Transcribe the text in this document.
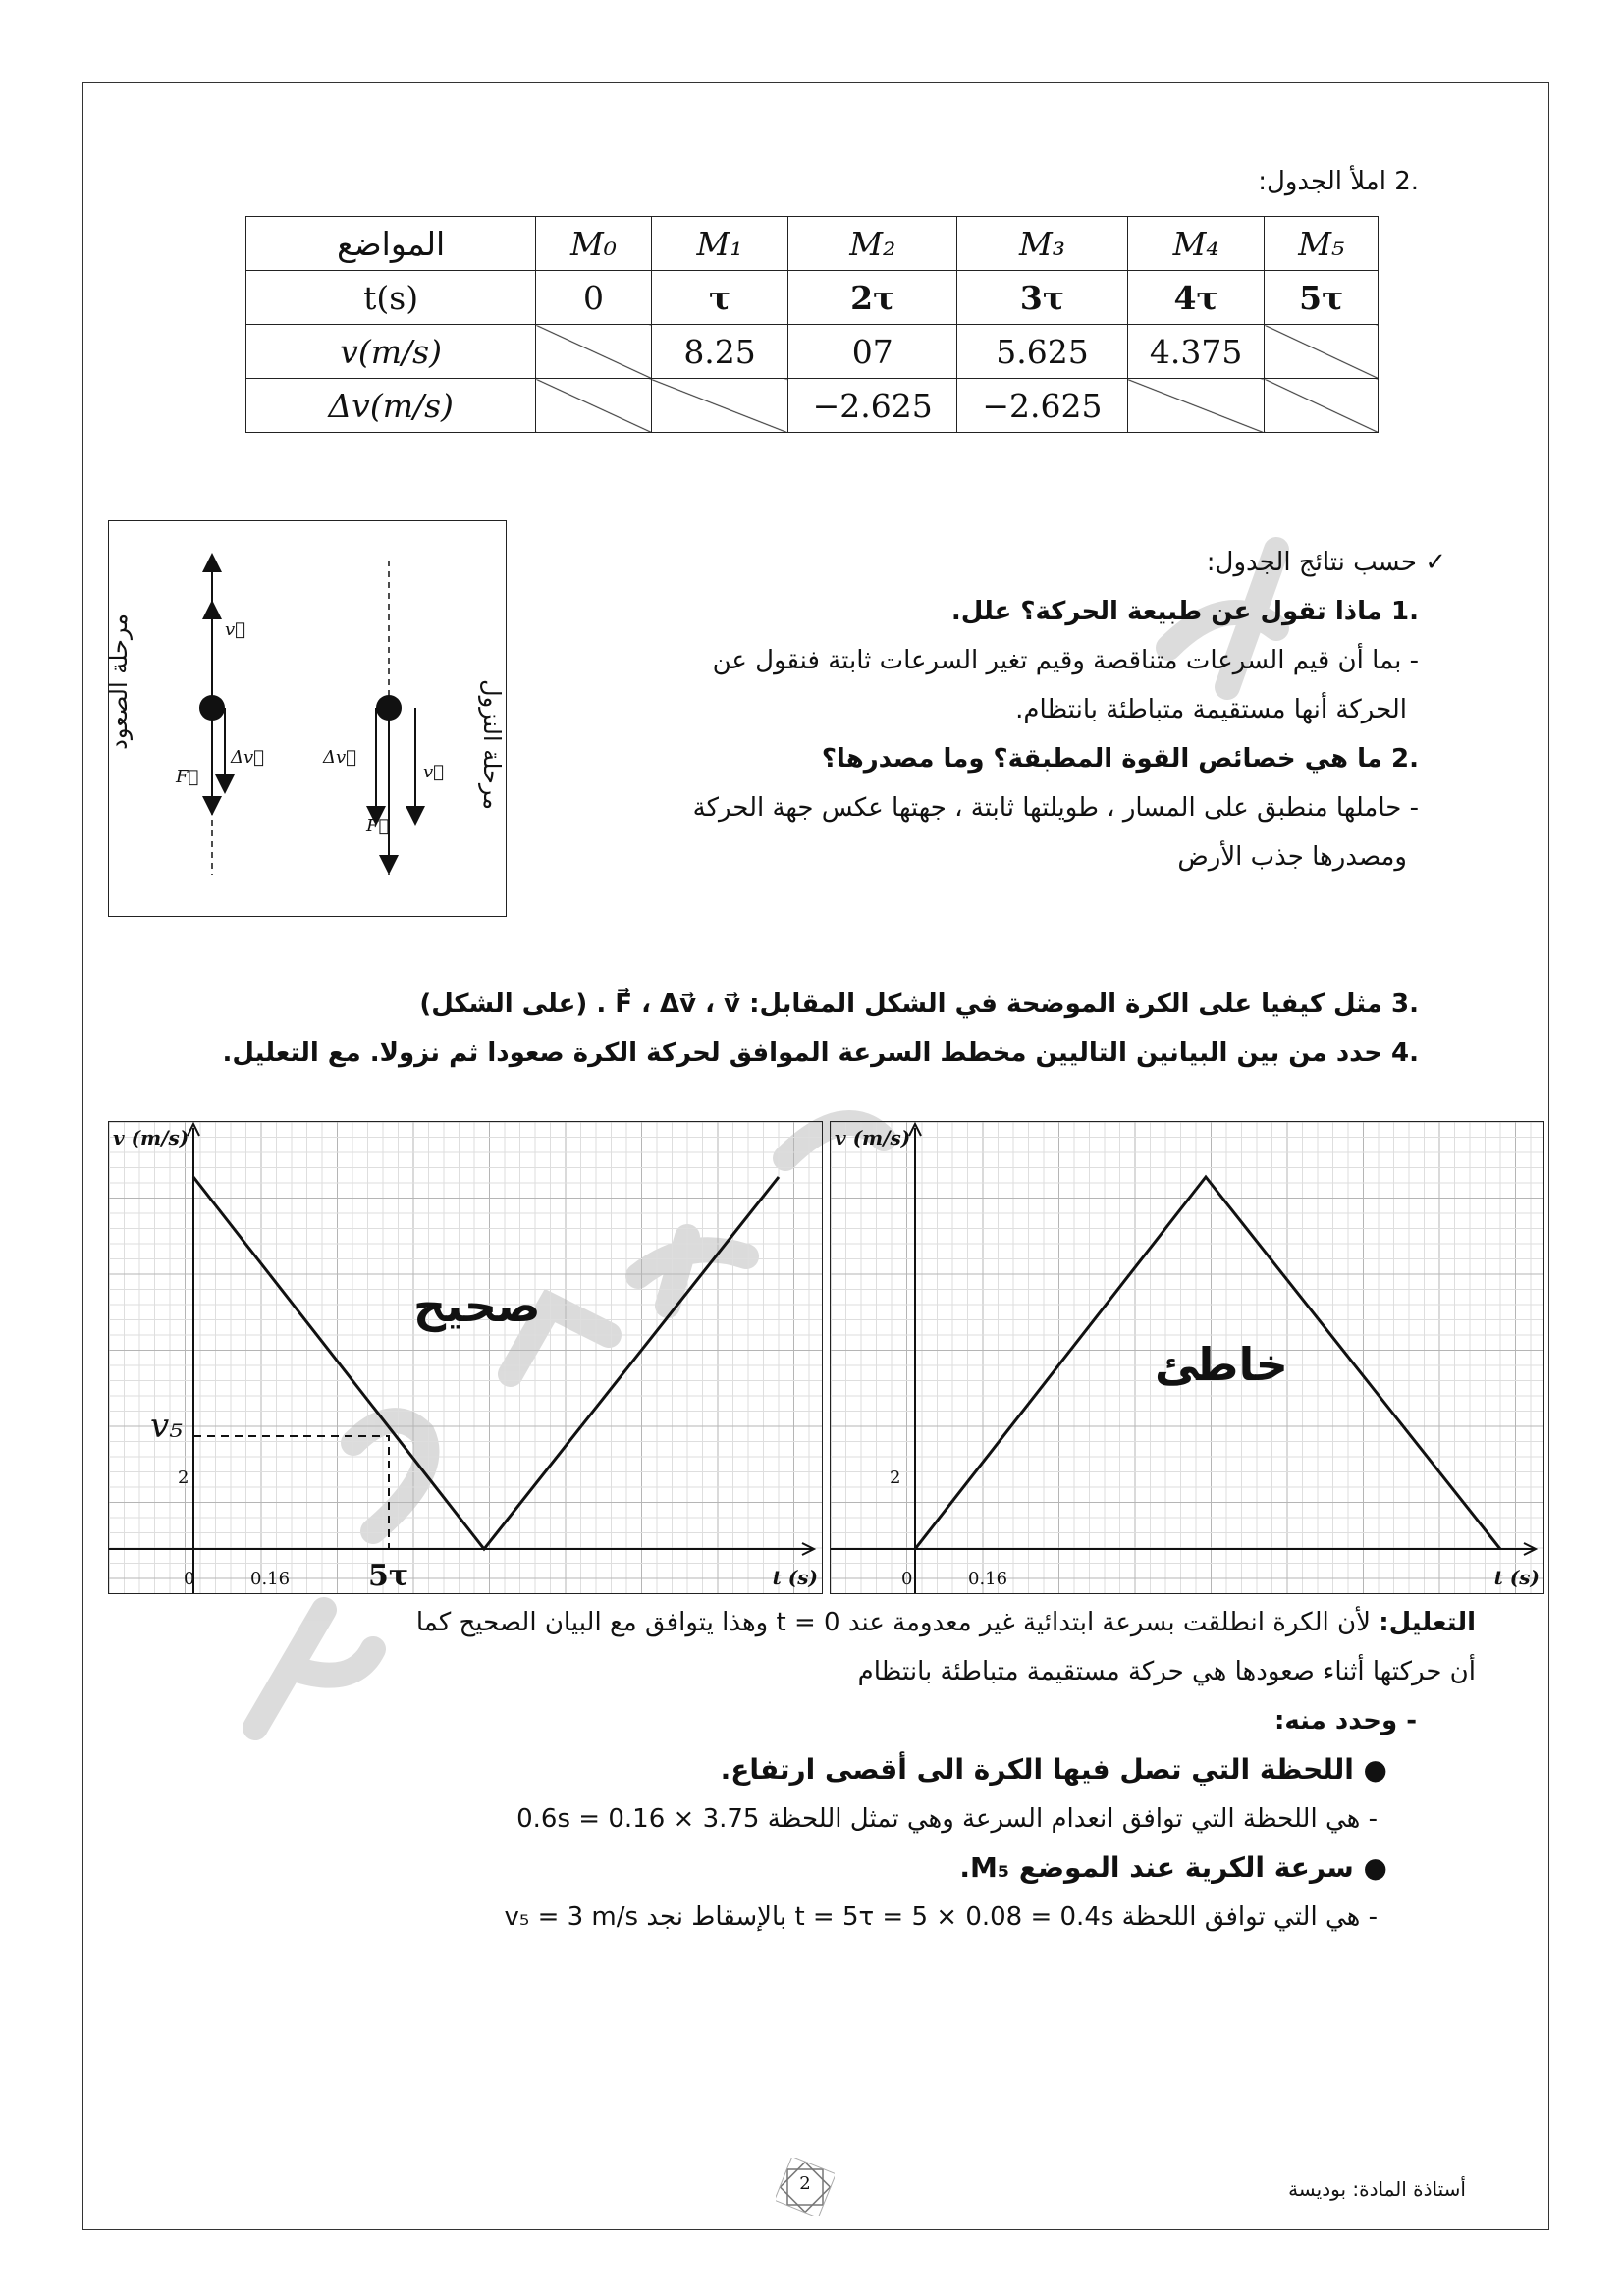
.2 املأ الجدول:
المواضع	M₀	M₁	M₂	M₃	M₄	M₅
t(s)	0	τ	2τ	3τ	4τ	5τ
v(m/s)		8.25	07	5.625	4.375	
Δv(m/s)			−2.625	−2.625		
v⃗
Δv⃗
F⃗
Δv⃗
v⃗
F⃗
مرحلة الصعود	مرحلة النزول
✓ حسب نتائج الجدول:
.1 ماذا تقول عن طبيعة الحركة؟ علل.
- بما أن قيم السرعات متناقصة وقيم تغير السرعات ثابتة فنقول عن
الحركة أنها مستقيمة متباطئة بانتظام.
.2 ما هي خصائص القوة المطبقة؟ وما مصدرها؟
- حاملها منطبق على المسار ، طويلتها ثابتة ، جهتها عكس جهة الحركة
ومصدرها جذب الأرض
.3 مثل كيفيا على الكرة الموضحة في الشكل المقابل: F⃗ ، Δv⃗ ، v⃗ . (على الشكل)
.4 حدد من بين البيانين التاليين مخطط السرعة الموافق لحركة الكرة صعودا ثم نزولا. مع التعليل.
v (m/s)
t (s)
2
0	0.16
v₅
5τ
صحيح
v (m/s)
t (s)
2
0	0.16
خاطئ
التعليل: لأن الكرة انطلقت بسرعة ابتدائية غير معدومة عند t = 0 وهذا يتوافق مع البيان الصحيح كما
أن حركتها أثناء صعودها هي حركة مستقيمة متباطئة بانتظام
- وحدد منه:
● اللحظة التي تصل فيها الكرة الى أقصى ارتفاع.
- هي اللحظة التي توافق انعدام السرعة وهي تمثل اللحظة 3.75 × 0.16 = 0.6s
● سرعة الكرية عند الموضع M₅.
- هي التي توافق اللحظة t = 5τ = 5 × 0.08 = 0.4s بالإسقاط نجد v₅ = 3 m/s
2	أستاذة المادة: بوديسة
